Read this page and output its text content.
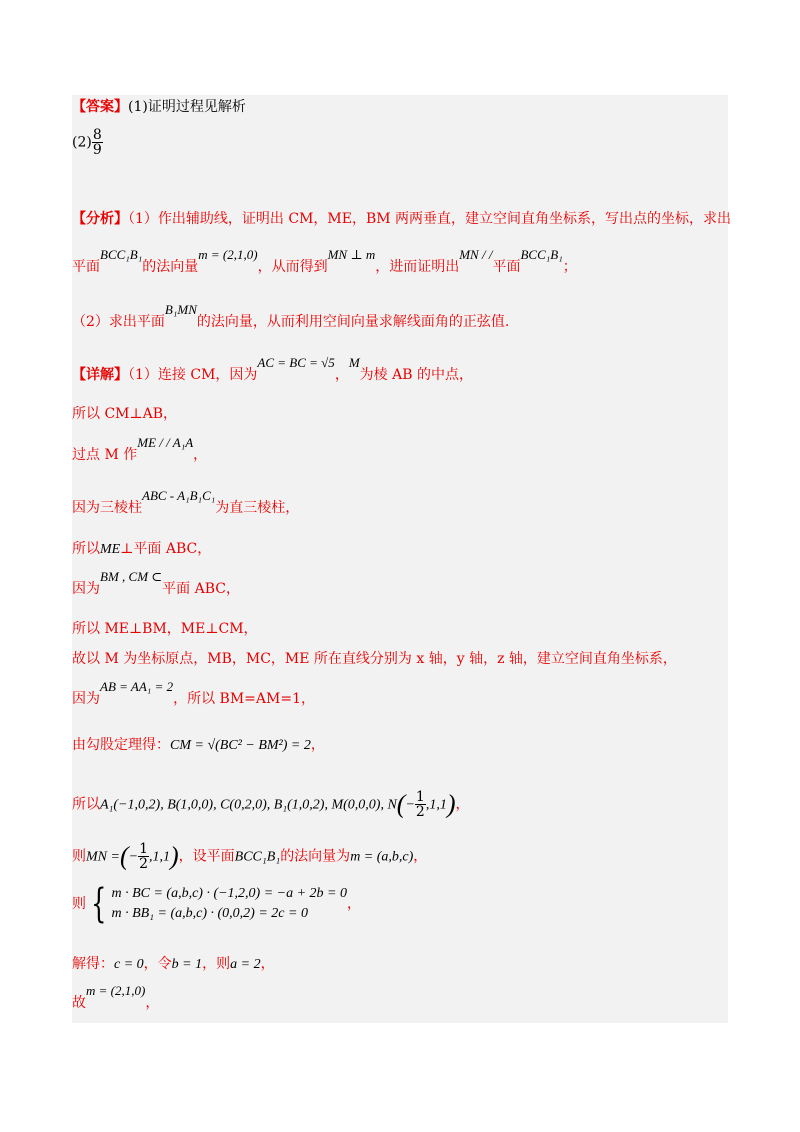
【答案】(1)证明过程见解析
$(2) \frac{8}{9}$
【分析】（1）作出辅助线，证明出 CM，ME，BM 两两垂直，建立空间直角坐标系，写出点的坐标，求出
平面BCC₁B₁的法向量m = (2,1,0)，从而得到MN ⊥ m，进而证明出MN / /平面BCC₁B₁；
（2）求出平面B₁MN的法向量，从而利用空间向量求解线面角的正弦值.
【详解】（1）连接 CM，因为AC = BC = √5，M为棱 AB 的中点，
所以 CM⊥AB，
过点 M 作ME / / A₁A，
因为三棱柱ABC - A₁B₁C₁为直三棱柱，
所以ME⊥平面 ABC，
因为BM , CM ⊂平面 ABC，
所以 ME⊥BM，ME⊥CM，
故以 M 为坐标原点，MB，MC，ME 所在直线分别为 x 轴，y 轴，z 轴，建立空间直角坐标系，
因为AB = AA₁ = 2，所以 BM=AM=1，
由勾股定理得：CM = √(BC² − BM²) = 2，
所以A₁(−1,0,2), B(1,0,0), C(0,2,0), B₁(1,0,2), M(0,0,0), $N(- \frac{1}{2} ,1,1)$，
则MN =(− $\frac{1}{2} ,1,1$)，设平面BCC₁B₁的法向量为m = (a,b,c)，
则 { m · BC = (a,b,c) · (−1,2,0) = −a + 2b = 0
m · BB₁ = (a,b,c) · (0,0,2) = 2c = 0
，
解得：c = 0，令b = 1，则a = 2，
故m = (2,1,0)，
